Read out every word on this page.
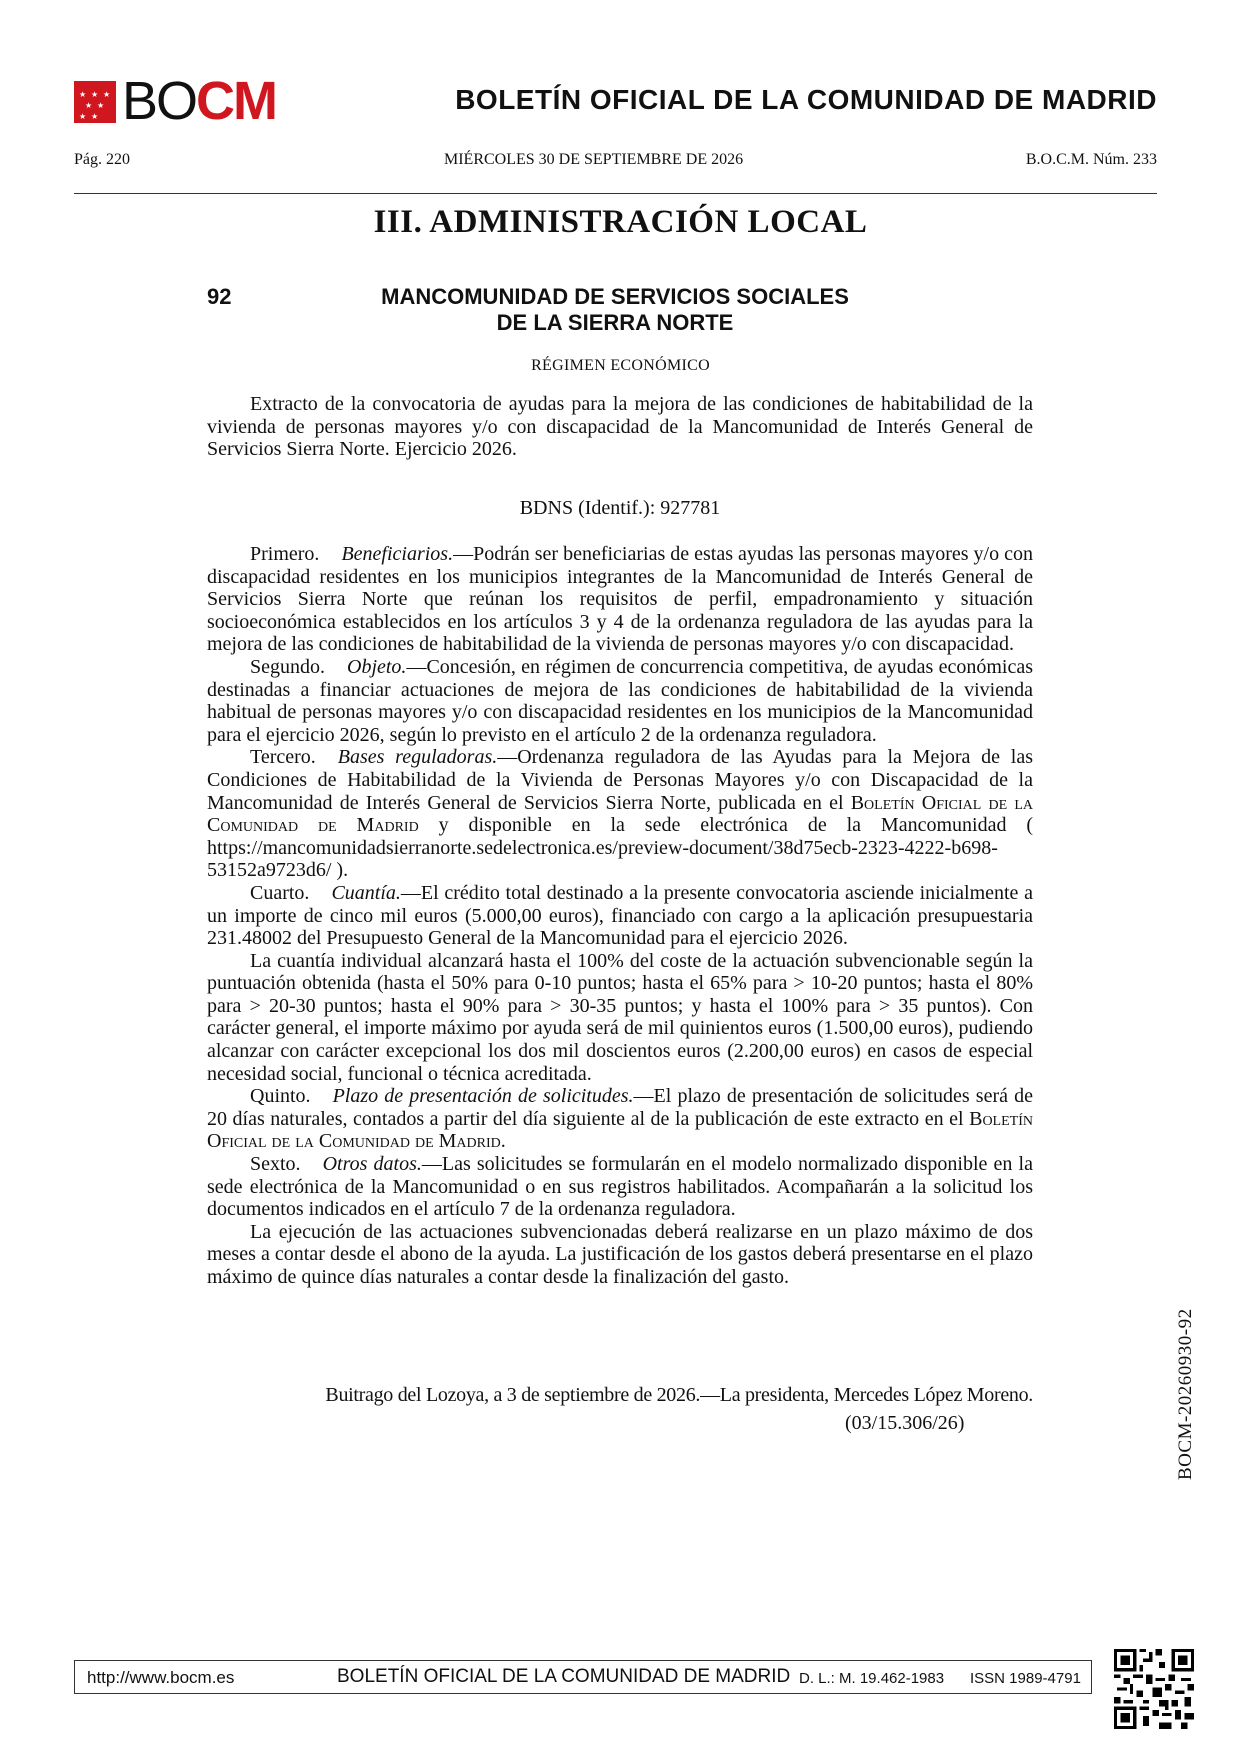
★ ★ ★
★ ★
★ ★ BOCM	BOLETÍN OFICIAL DE LA COMUNIDAD DE MADRID
Pág. 220	MIÉRCOLES 30 DE SEPTIEMBRE DE 2026	B.O.C.M. Núm. 233
III. ADMINISTRACIÓN LOCAL
92	MANCOMUNIDAD DE SERVICIOS SOCIALES
DE LA SIERRA NORTE
RÉGIMEN ECONÓMICO
Extracto de la convocatoria de ayudas para la mejora de las condiciones de habitabilidad de la vivienda de personas mayores y/o con discapacidad de la Mancomunidad de Interés General de Servicios Sierra Norte. Ejercicio 2026.
BDNS (Identif.): 927781

Primero. Beneficiarios.—Podrán ser beneficiarias de estas ayudas las personas mayores y/o con discapacidad residentes en los municipios integrantes de la Mancomunidad de Interés General de Servicios Sierra Norte que reúnan los requisitos de perfil, empadronamiento y situación socioeconómica establecidos en los artículos 3 y 4 de la ordenanza reguladora de las ayudas para la mejora de las condiciones de habitabilidad de la vivienda de personas mayores y/o con discapacidad.

Segundo. Objeto.—Concesión, en régimen de concurrencia competitiva, de ayudas económicas destinadas a financiar actuaciones de mejora de las condiciones de habitabilidad de la vivienda habitual de personas mayores y/o con discapacidad residentes en los municipios de la Mancomunidad para el ejercicio 2026, según lo previsto en el artículo 2 de la ordenanza reguladora.

Tercero. Bases reguladoras.—Ordenanza reguladora de las Ayudas para la Mejora de las Condiciones de Habitabilidad de la Vivienda de Personas Mayores y/o con Discapacidad de la Mancomunidad de Interés General de Servicios Sierra Norte, publicada en el Boletín Oficial de la Comunidad de Madrid y disponible en la sede electrónica de la Mancomunidad ( https://mancomunidadsierranorte.sedelectronica.es/preview-document/38d75ecb-2323-4222-b698-53152a9723d6/ ).

Cuarto. Cuantía.—El crédito total destinado a la presente convocatoria asciende inicialmente a un importe de cinco mil euros (5.000,00 euros), financiado con cargo a la aplicación presupuestaria 231.48002 del Presupuesto General de la Mancomunidad para el ejercicio 2026.

La cuantía individual alcanzará hasta el 100% del coste de la actuación subvencionable según la puntuación obtenida (hasta el 50% para 0-10 puntos; hasta el 65% para > 10-20 puntos; hasta el 80% para > 20-30 puntos; hasta el 90% para > 30-35 puntos; y hasta el 100% para > 35 puntos). Con carácter general, el importe máximo por ayuda será de mil quinientos euros (1.500,00 euros), pudiendo alcanzar con carácter excepcional los dos mil doscientos euros (2.200,00 euros) en casos de especial necesidad social, funcional o técnica acreditada.

Quinto. Plazo de presentación de solicitudes.—El plazo de presentación de solicitudes será de 20 días naturales, contados a partir del día siguiente al de la publicación de este extracto en el Boletín Oficial de la Comunidad de Madrid.

Sexto. Otros datos.—Las solicitudes se formularán en el modelo normalizado disponible en la sede electrónica de la Mancomunidad o en sus registros habilitados. Acompañarán a la solicitud los documentos indicados en el artículo 7 de la ordenanza reguladora.

La ejecución de las actuaciones subvencionadas deberá realizarse en un plazo máximo de dos meses a contar desde el abono de la ayuda. La justificación de los gastos deberá presentarse en el plazo máximo de quince días naturales a contar desde la finalización del gasto.

Buitrago del Lozoya, a 3 de septiembre de 2026.—La presidenta, Mercedes López Moreno.
(03/15.306/26)	BOCM-20260930-92
http://www.bocm.es	BOLETÍN OFICIAL DE LA COMUNIDAD DE MADRID D. L.: M. 19.462-1983 ISSN 1989-4791
